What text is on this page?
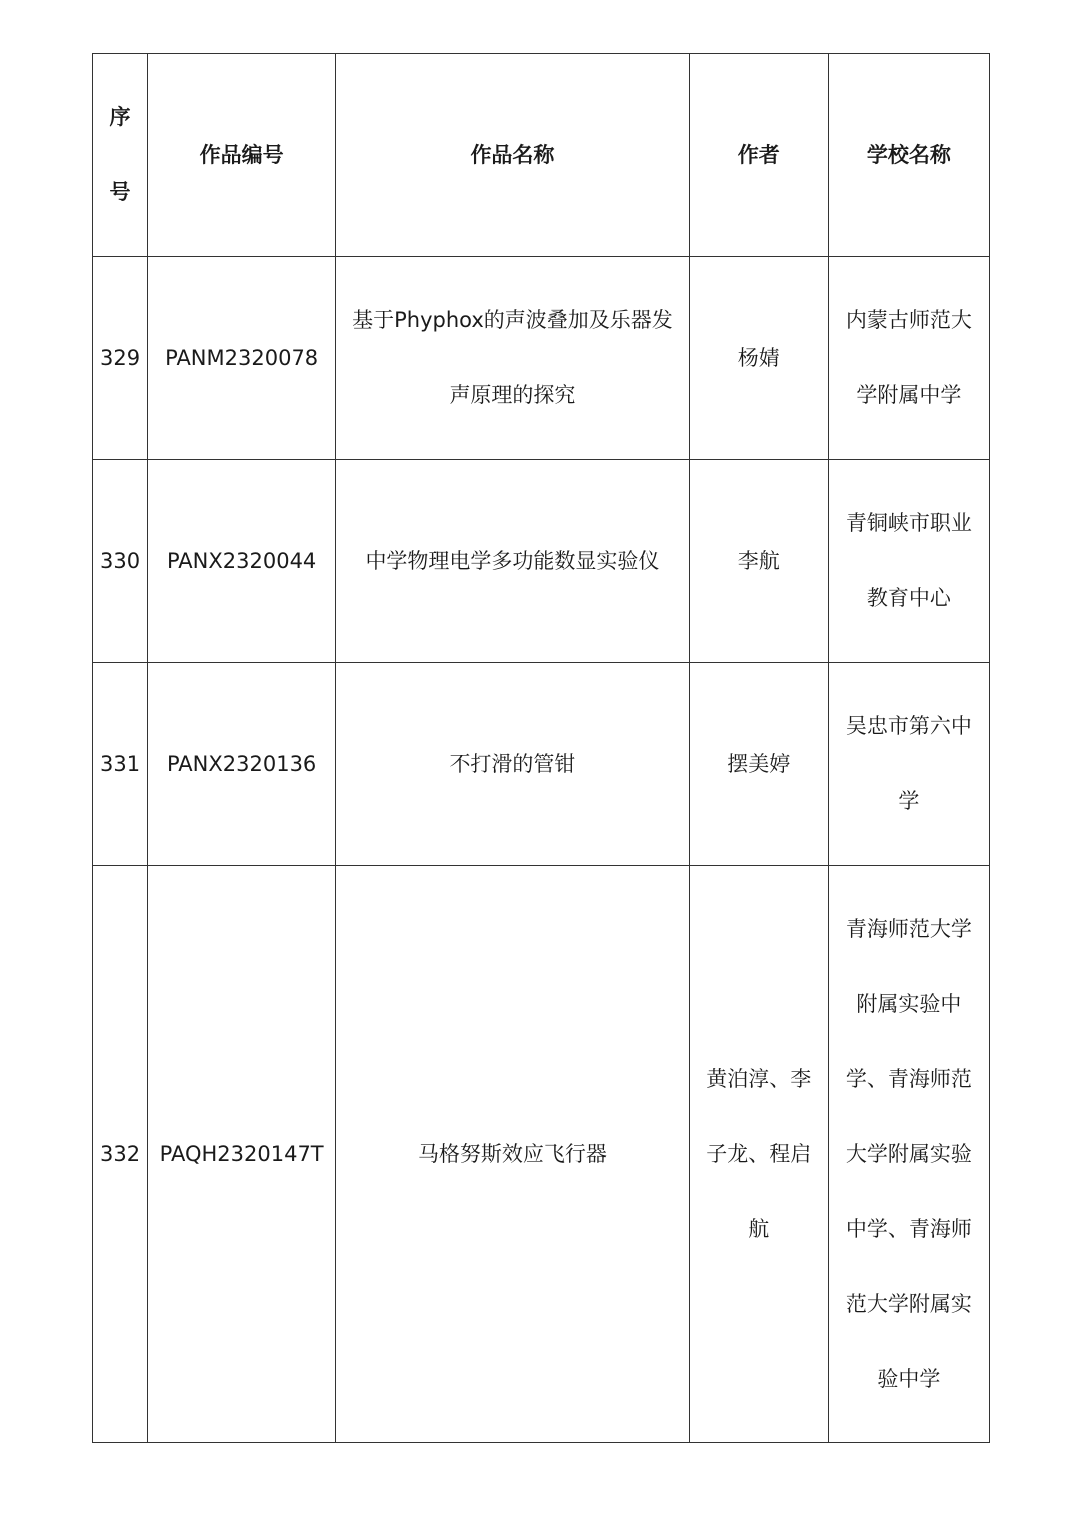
序号	作品编号	作品名称	作者	学校名称

329	PANM2320078	基于Phyphox的声波叠加及乐器发声原理的探究	杨婧	内蒙古师范大学附属中学

330	PANX2320044	中学物理电学多功能数显实验仪	李航	青铜峡市职业教育中心

331	PANX2320136	不打滑的管钳	摆美婷	吴忠市第六中学

332	PAQH2320147T	马格努斯效应飞行器	黄泊淳、李子龙、程启航	青海师范大学附属实验中学、青海师范大学附属实验中学、青海师范大学附属实验中学
